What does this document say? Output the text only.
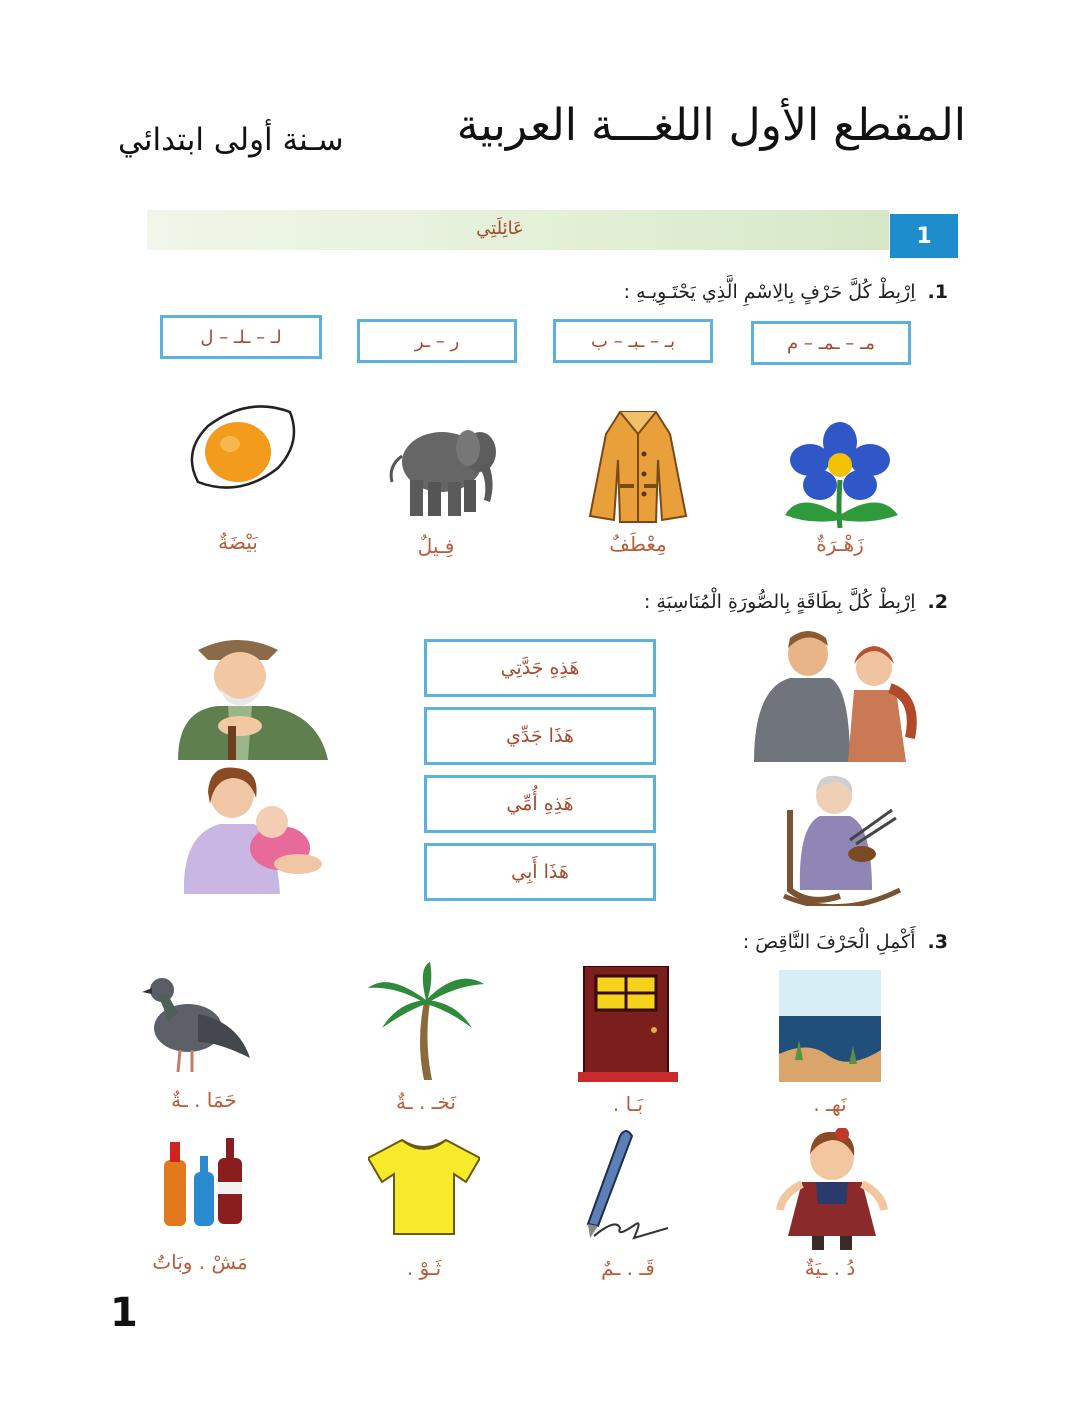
المقطع الأول اللغـــة العربية
سـنة أولى ابتدائي
عَائِلَتِي	1
1. اِرْبِطْ كُلَّ حَرْفٍ بِالِاسْمِ الَّذِي يَحْتَـوِيـهِ :
مـ – ـمـ – م
بـ – ـبـ – ب
ر – ـر
لـ – ـلـ – ل
زَهْـرَةٌ
مِعْطَفٌ
فِـيلٌ
بَيْضَةٌ
2. اِرْبِطْ كُلَّ بِطَاقَةٍ بِالصُّورَةِ الْمُنَاسِبَةِ :
هَذِهِ جَدَّتِي
هَذَا جَدِّي
هَذِهِ أُمِّي
هَذَا أَبِي
3. أَكْمِلِ الْحَرْفَ النَّاقِصَ :
نَهـ .
بَـا .
نَخـ . ـةٌ
حَمَا . ـةٌ
دُ . ـيَةٌ
قَـ . ـمٌ
ثَـوْ .
مَشْ . وبَاتٌ
1
